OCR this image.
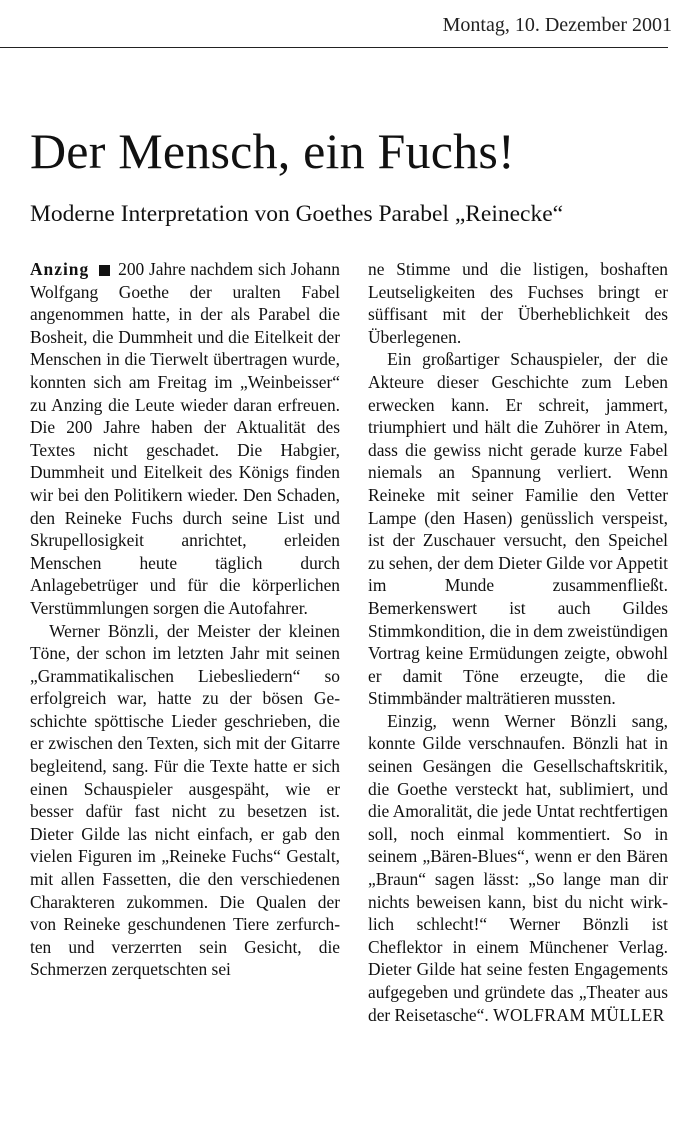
Montag, 10. Dezember 2001
Der Mensch, ein Fuchs!
Moderne Interpretation von Goethes Parabel „Reinecke“

Anzing 200 Jahre nachdem sich Johann Wolfgang Goethe der uralten Fabel angenommen hatte, in der als Parabel die Bosheit, die Dummheit und die Eitelkeit der Menschen in die Tierwelt übertragen wurde, konnten sich am Freitag im „Weinbeisser“ zu Anzing die Leute wieder daran erfreuen. Die 200 Jahre haben der Aktualität des Textes nicht geschadet. Die Habgier, Dummheit und Eitelkeit des Königs finden wir bei den Politikern wieder. Den Schaden, den Reineke Fuchs durch seine List und Skrupellosigkeit anrichtet, erleiden Menschen heute täglich durch Anlagebetrüger und für die körperlichen Verstümmlungen sorgen die Autofahrer.

Werner Bönzli, der Meister der kleinen Töne, der schon im letzten Jahr mit seinen „Grammatikalischen Liebesliedern“ so erfolgreich war, hatte zu der bösen Geschichte spöttische Lieder geschrieben, die er zwischen den Texten, sich mit der Gitarre begleitend, sang. Für die Texte hatte er sich einen Schauspieler ausgespäht, wie er besser dafür fast nicht zu besetzen ist. Dieter Gilde las nicht einfach, er gab den vielen Figuren im „Reineke Fuchs“ Gestalt, mit allen Fassetten, die den verschiedenen Charakteren zukommen. Die Qualen der von Reineke geschundenen Tiere zerfurchten und verzerrten sein Gesicht, die Schmerzen zerquetschten sei

ne Stimme und die listigen, boshaften Leutseligkeiten des Fuchses bringt er süffisant mit der Überheblichkeit des Überlegenen.

Ein großartiger Schauspieler, der die Akteure dieser Geschichte zum Leben erwecken kann. Er schreit, jammert, triumphiert und hält die Zuhörer in Atem, dass die gewiss nicht gerade kurze Fabel niemals an Spannung verliert. Wenn Reineke mit seiner Familie den Vetter Lampe (den Hasen) genüsslich verspeist, ist der Zuschauer versucht, den Speichel zu sehen, der dem Dieter Gilde vor Appetit im Munde zusammenfließt. Bemerkenswert ist auch Gildes Stimmkondition, die in dem zweistündigen Vortrag keine Ermüdungen zeigte, obwohl er damit Töne erzeugte, die die Stimmbänder malträtieren mussten.

Einzig, wenn Werner Bönzli sang, konnte Gilde verschnaufen. Bönzli hat in seinen Gesängen die Gesellschaftskritik, die Goethe versteckt hat, sublimiert, und die Amoralität, die jede Untat rechtfertigen soll, noch einmal kommentiert. So in seinem „Bären-Blues“, wenn er den Bären „Braun“ sagen lässt: „So lange man dir nichts beweisen kann, bist du nicht wirklich schlecht!“ Werner Bönzli ist Cheflektor in einem Münchener Verlag. Dieter Gilde hat seine festen Engagements aufgegeben und gründete das „Theater aus der Reisetasche“. WOLFRAM MÜLLER
